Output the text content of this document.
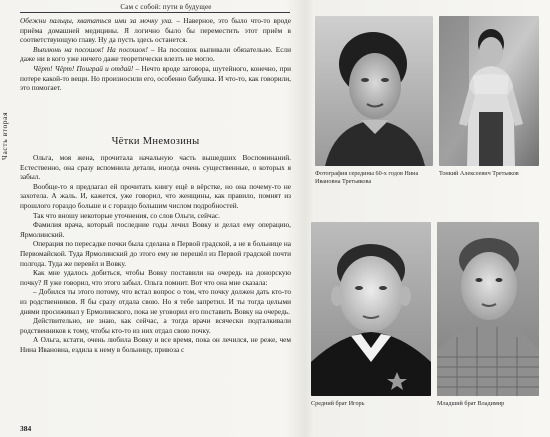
Сам с собой: пути в будущее
Часть вторая

Обежни пальцы, хвататься ими за мочку уха. – Наверное, это было что-то вроде приёма домашней медицины. Я логично было бы переместить этот приём в соответствующую главу. Ну да пусть здесь останется.

Выплюнь на посошок! На посошок! – На посошок выпивали обязательно. Если даже ни в кого уже ничего даже теоретически влезть не могло.

Чёрт! Чёрт! Поиграй и отдай! – Нечто вроде заговора, шутейного, конечно, при потере какой-то вещи. Но произносили его, особенно бабушка. И что-то, как говорили, это помогает.

Чётки Мнемозины

Ольга, моя жена, прочитала начальную часть вышедших Воспоминаний. Естественно, она сразу вспомнила детали, иногда очень существенные, о которых я забыл.

Вообще-то я предлагал ей прочитать книгу ещё в вёрстке, но она почему-то не захотела. А жаль. И, кажется, уже говорил, что женщины, как правило, помнят из прошлого гораздо больше и с гораздо большим числом подробностей.

Так что вношу некоторые уточнения, со слов Ольги, сейчас.

Фамилия врача, который последние годы лечил Вовку и делал ему операцию, Ярмолинский.

Операция по пересадке почки была сделана в Первой градской, а не в больнице на Первомайской. Туда Ярмолинский до этого ему не перешёл из Первой градской почти полгода. Туда же перевёл и Вовку.

Как мне удалось добиться, чтобы Вовку поставили на очередь на донорскую почку? Я уже говорил, что этого забыл. Ольга помнит. Вот что она мне сказала:

– Добился ты этого потому, что встал вопрос о том, что почку должен дать кто-то из родственников. Я бы сразу отдала свою. Но я тебе запретил. И ты тогда целыми днями просиживал у Ермолинского, пока не уговорил его поставить Вовку на очередь.

Действительно, не знаю, как сейчас, а тогда врачи всячески подталкивали родственников к тому, чтобы кто-то из них отдал свою почку.

А Ольга, кстати, очень любила Вовку и все время, пока он лечился, не реже, чем Нина Ивановна, ездила к нему в больницу, привоза с

384
Фотография середины 60-х годов Нина Ивановна Третьякова
Тонкий Алексеевич Третьяков
Средний брат Игорь	Младший брат Владимир
